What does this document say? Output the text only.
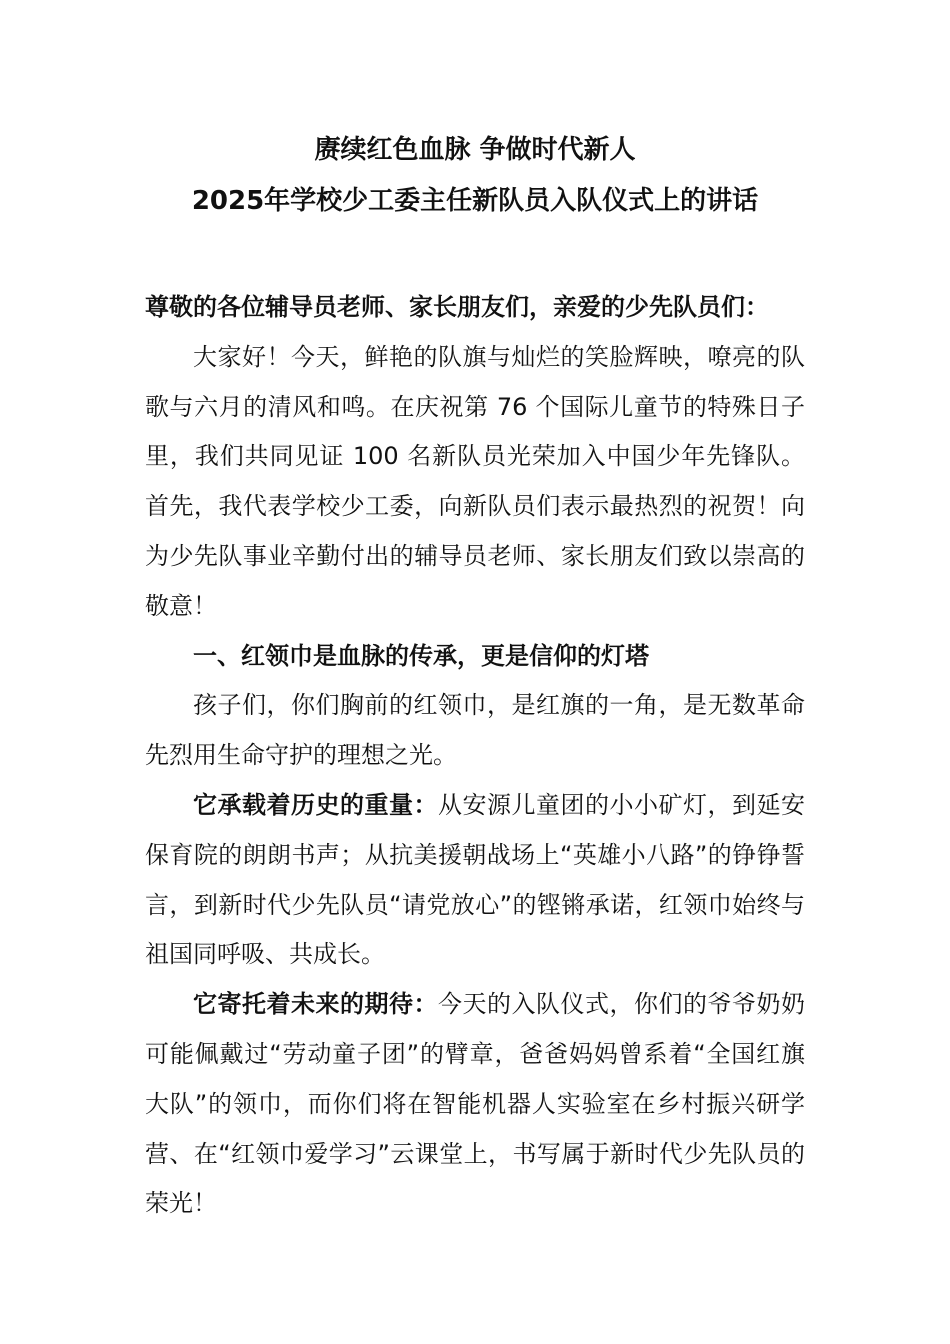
赓续红色血脉 争做时代新人
2025年学校少工委主任新队员入队仪式上的讲话

尊敬的各位辅导员老师、家长朋友们，亲爱的少先队员们：

大家好！今天，鲜艳的队旗与灿烂的笑脸辉映，嘹亮的队歌与六月的清风和鸣。在庆祝第 76 个国际儿童节的特殊日子里，我们共同见证 100 名新队员光荣加入中国少年先锋队。首先，我代表学校少工委，向新队员们表示最热烈的祝贺！向为少先队事业辛勤付出的辅导员老师、家长朋友们致以崇高的敬意！

一、红领巾是血脉的传承，更是信仰的灯塔

孩子们，你们胸前的红领巾，是红旗的一角，是无数革命先烈用生命守护的理想之光。

它承载着历史的重量：从安源儿童团的小小矿灯，到延安保育院的朗朗书声；从抗美援朝战场上“英雄小八路”的铮铮誓言，到新时代少先队员“请党放心”的铿锵承诺，红领巾始终与祖国同呼吸、共成长。

它寄托着未来的期待：今天的入队仪式，你们的爷爷奶奶可能佩戴过“劳动童子团”的臂章，爸爸妈妈曾系着“全国红旗大队”的领巾，而你们将在智能机器人实验室在乡村振兴研学营、在“红领巾爱学习”云课堂上，书写属于新时代少先队员的荣光！
